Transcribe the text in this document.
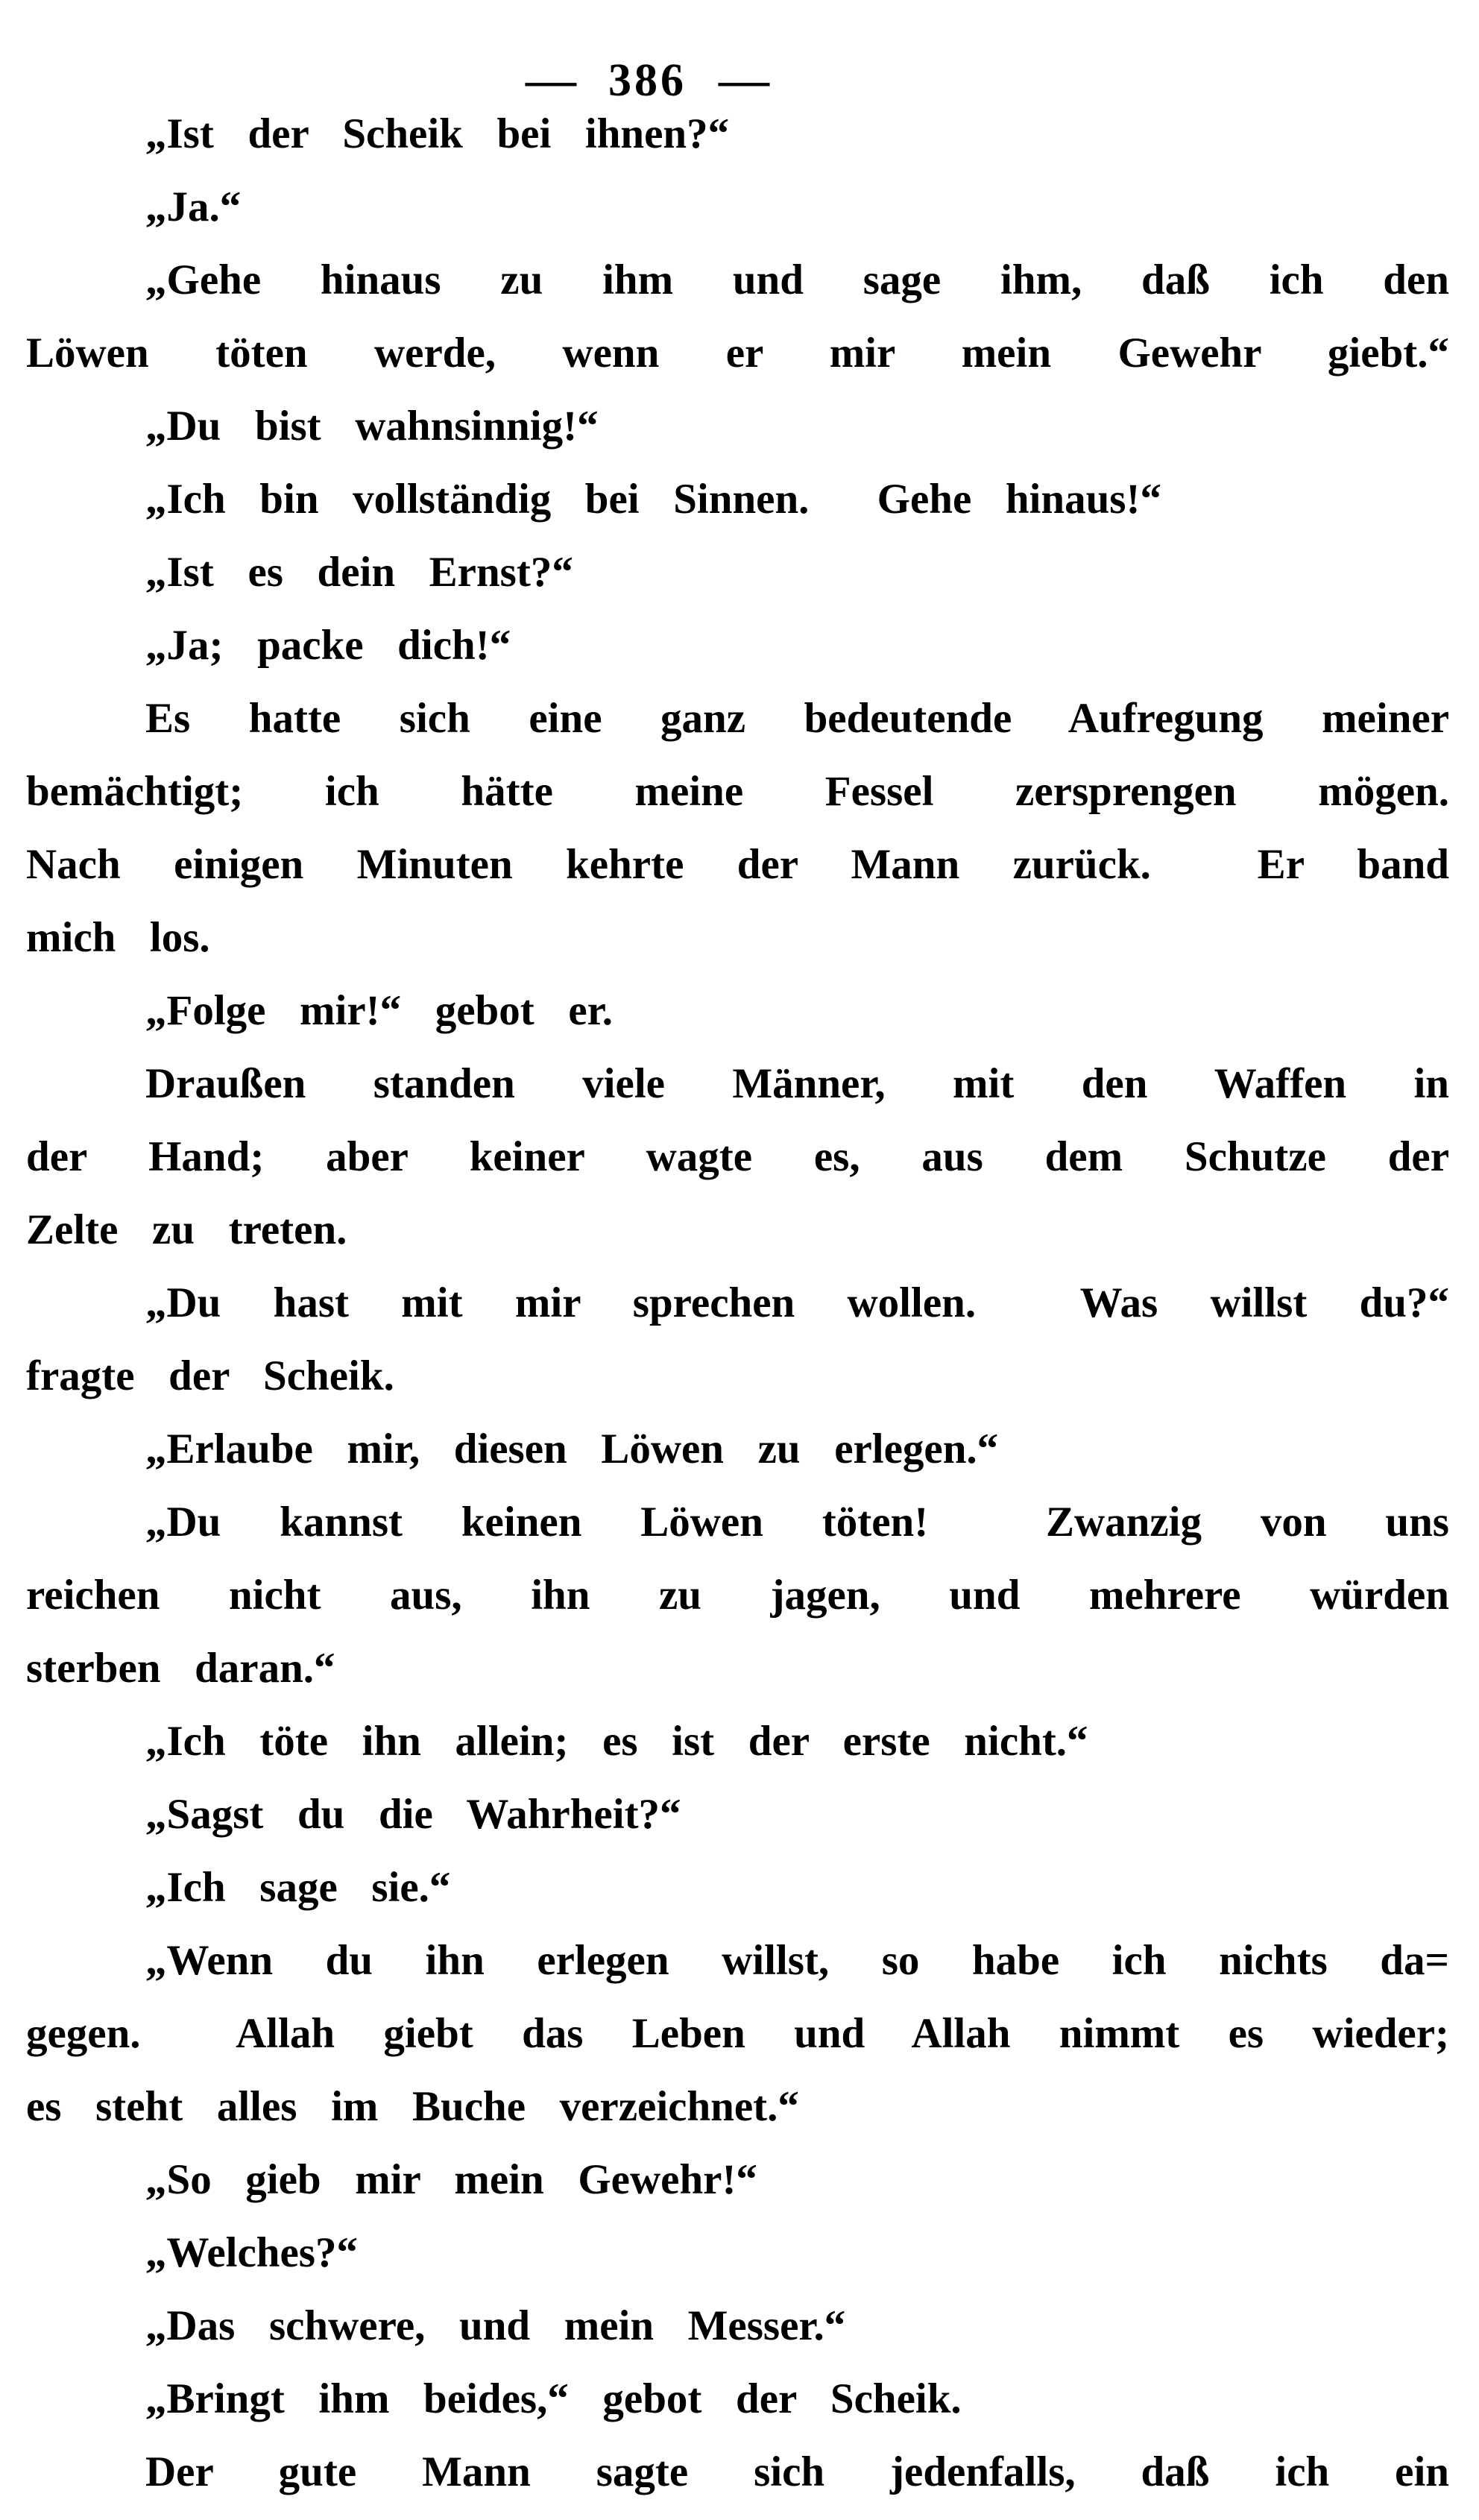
— 386 —

„Ist der Scheik bei ihnen?“
„Ja.“
„Gehe hinaus zu ihm und sage ihm, daß ich den
Löwen töten werde, wenn er mir mein Gewehr giebt.“
„Du bist wahnsinnig!“
„Ich bin vollständig bei Sinnen.  Gehe hinaus!“
„Ist es dein Ernst?“
„Ja; packe dich!“
Es hatte sich eine ganz bedeutende Aufregung meiner
bemächtigt; ich hätte meine Fessel zersprengen mögen.
Nach einigen Minuten kehrte der Mann zurück.  Er band
mich los.
„Folge mir!“ gebot er.
Draußen standen viele Männer, mit den Waffen in
der Hand; aber keiner wagte es, aus dem Schutze der
Zelte zu treten.
„Du hast mit mir sprechen wollen.  Was willst du?“
fragte der Scheik.
„Erlaube mir, diesen Löwen zu erlegen.“
„Du kannst keinen Löwen töten!  Zwanzig von uns
reichen nicht aus, ihn zu jagen, und mehrere würden
sterben daran.“
„Ich töte ihn allein; es ist der erste nicht.“
„Sagst du die Wahrheit?“
„Ich sage sie.“
„Wenn du ihn erlegen willst, so habe ich nichts da=
gegen.  Allah giebt das Leben und Allah nimmt es wieder;
es steht alles im Buche verzeichnet.“
„So gieb mir mein Gewehr!“
„Welches?“
„Das schwere, und mein Messer.“
„Bringt ihm beides,“ gebot der Scheik.
Der gute Mann sagte sich jedenfalls, daß ich ein
